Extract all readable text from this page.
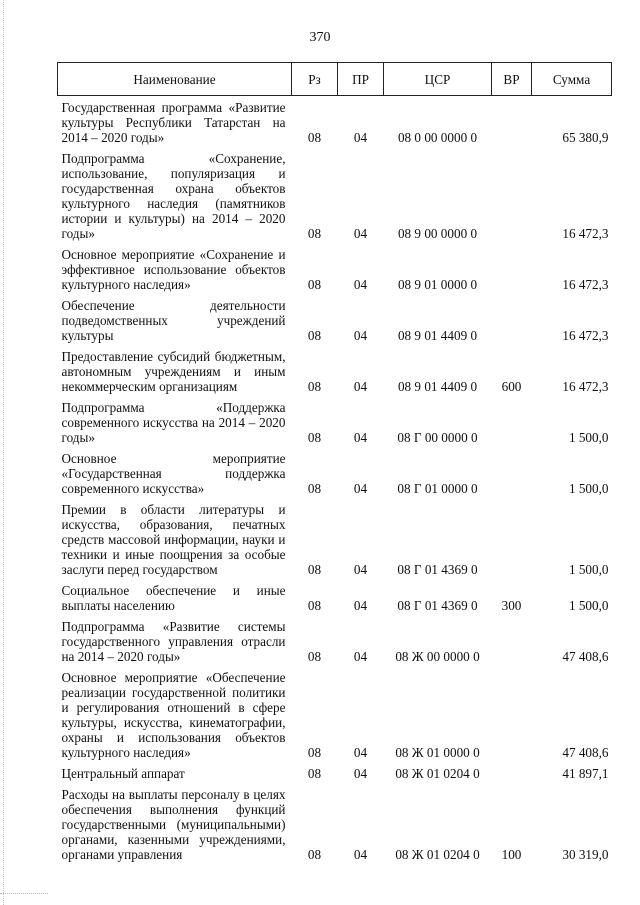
370
Наименование	Рз	ПР	ЦСР	ВР	Сумма
Государственная программа «Развитие культуры Республики Татарстан на 2014 – 2020 годы»	08	04	08 0 00 0000 0		65 380,9
Подпрограмма «Сохранение, использование, популяризация и государственная охрана объектов культурного наследия (памятников истории и культуры) на 2014 – 2020 годы»	08	04	08 9 00 0000 0		16 472,3
Основное мероприятие «Сохранение и эффективное использование объектов культурного наследия»	08	04	08 9 01 0000 0		16 472,3
Обеспечение деятельности подведомственных учреждений культуры	08	04	08 9 01 4409 0		16 472,3
Предоставление субсидий бюджетным, автономным учреждениям и иным некоммерческим организациям	08	04	08 9 01 4409 0	600	16 472,3
Подпрограмма «Поддержка современного искусства на 2014 – 2020 годы»	08	04	08 Г 00 0000 0		1 500,0
Основное мероприятие «Государственная поддержка современного искусства»	08	04	08 Г 01 0000 0		1 500,0
Премии в области литературы и искусства, образования, печатных средств массовой информации, науки и техники и иные поощрения за особые заслуги перед государством	08	04	08 Г 01 4369 0		1 500,0
Социальное обеспечение и иные выплаты населению	08	04	08 Г 01 4369 0	300	1 500,0
Подпрограмма «Развитие системы государственного управления отрасли на 2014 – 2020 годы»	08	04	08 Ж 00 0000 0		47 408,6
Основное мероприятие «Обеспечение реализации государственной политики и регулирования отношений в сфере культуры, искусства, кинематографии, охраны и использования объектов культурного наследия»	08	04	08 Ж 01 0000 0		47 408,6
Центральный аппарат	08	04	08 Ж 01 0204 0		41 897,1
Расходы на выплаты персоналу в целях обеспечения выполнения функций государственными (муниципальными) органами, казенными учреждениями, органами управления	08	04	08 Ж 01 0204 0	100	30 319,0
